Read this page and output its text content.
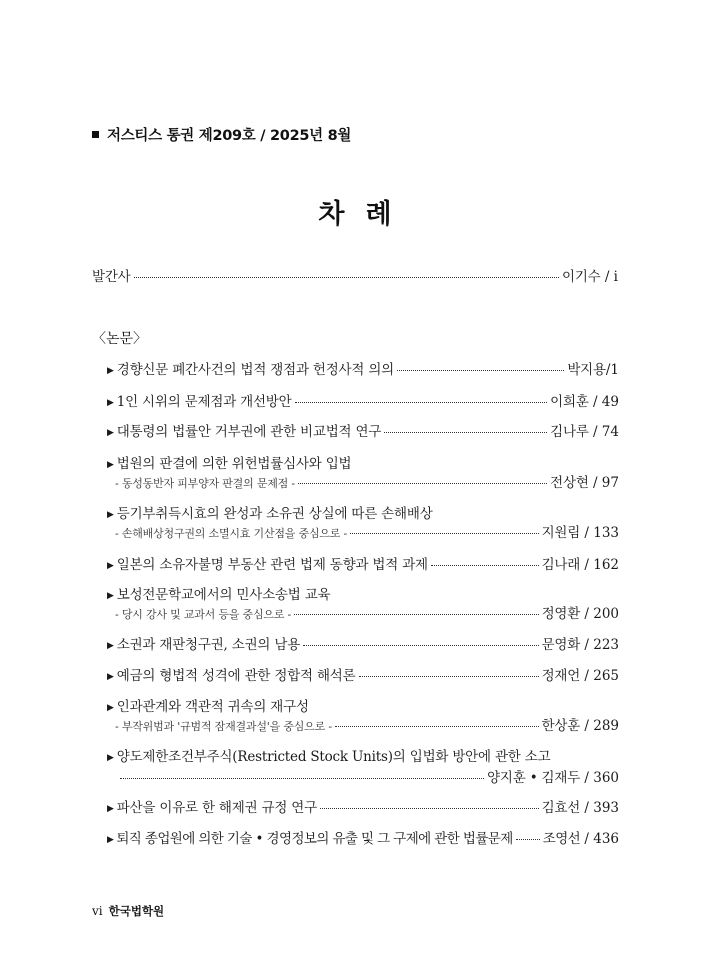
저스티스 통권 제209호 / 2025년 8월
차례
발간사	이기수 / i
〈논문〉
▶ 경향신문 폐간사건의 법적 쟁점과 헌정사적 의의	박지용 /1
▶ 1인 시위의 문제점과 개선방안	이희훈 / 49
▶ 대통령의 법률안 거부권에 관한 비교법적 연구	김나루 / 74
▶ 법원의 판결에 의한 위헌법률심사와 입법
- 동성동반자 피부양자 판결의 문제점 -	전상현 / 97
▶ 등기부취득시효의 완성과 소유권 상실에 따른 손해배상
- 손해배상청구권의 소멸시효 기산점을 중심으로 -	지원림 / 133
▶ 일본의 소유자불명 부동산 관련 법제 동향과 법적 과제	김나래 / 162
▶ 보성전문학교에서의 민사소송법 교육
- 당시 강사 및 교과서 등을 중심으로 -	정영환 / 200
▶ 소권과 재판청구권, 소권의 남용	문영화 / 223
▶ 예금의 형법적 성격에 관한 정합적 해석론	정재언 / 265
▶ 인과관계와 객관적 귀속의 재구성
- 부작위범과 '규범적 잠재결과설'을 중심으로 -	한상훈 / 289
▶ 양도제한조건부주식(Restricted Stock Units)의 입법화 방안에 관한 소고
양지훈 • 김재두 / 360
▶ 파산을 이유로 한 해제권 규정 연구	김효선 / 393
▶ 퇴직 종업원에 의한 기술 • 경영정보의 유출 및 그 구제에 관한 법률문제 조영선 / 436
vi 한국법학원
